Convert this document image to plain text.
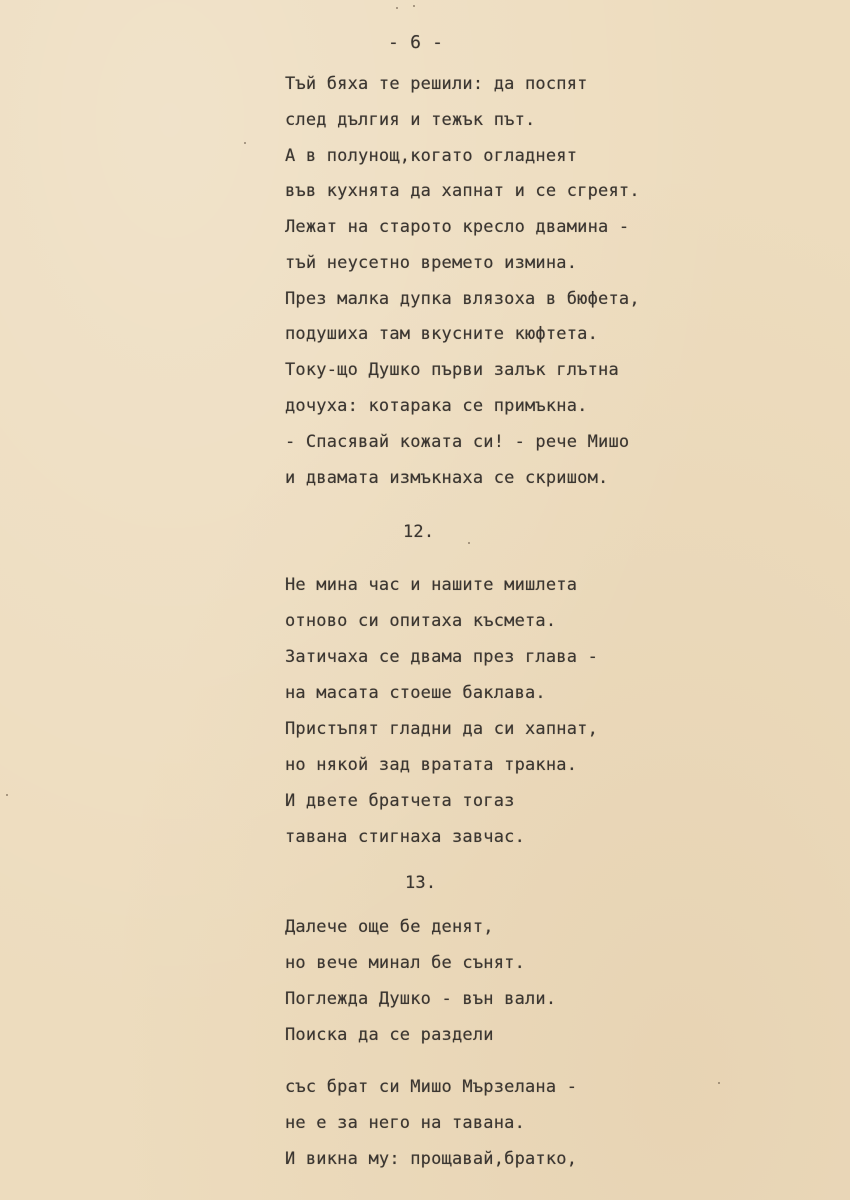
- 6 -
Тъй бяха те решили: да поспят
след дългия и тежък път.
А в полунощ,когато огладнеят
във кухнята да хапнат и се сгреят.
Лежат на старото кресло двамина -
тъй неусетно времето измина.
През малка дупка влязоха в бюфета,
подушиха там вкусните кюфтета.
Току-що Душко първи залък глътна
дочуха: котарака се примъкна.
- Спасявай кожата си! - рече Мишо
и двамата измъкнаха се скришом.
12.
Не мина час и нашите мишлета
отново си опитаха късмета.
Затичаха се двама през глава -
на масата стоеше баклава.
Пристъпят гладни да си хапнат,
но някой зад вратата тракна.
И двете братчета тогаз
тавана стигнаха завчас.
13.
Далече още бе денят,
но вече минал бе сънят.
Поглежда Душко - вън вали.
Поиска да се раздели
със брат си Мишо Мързелана -
не е за него на тавана.
И викна му: прощавай,братко,
